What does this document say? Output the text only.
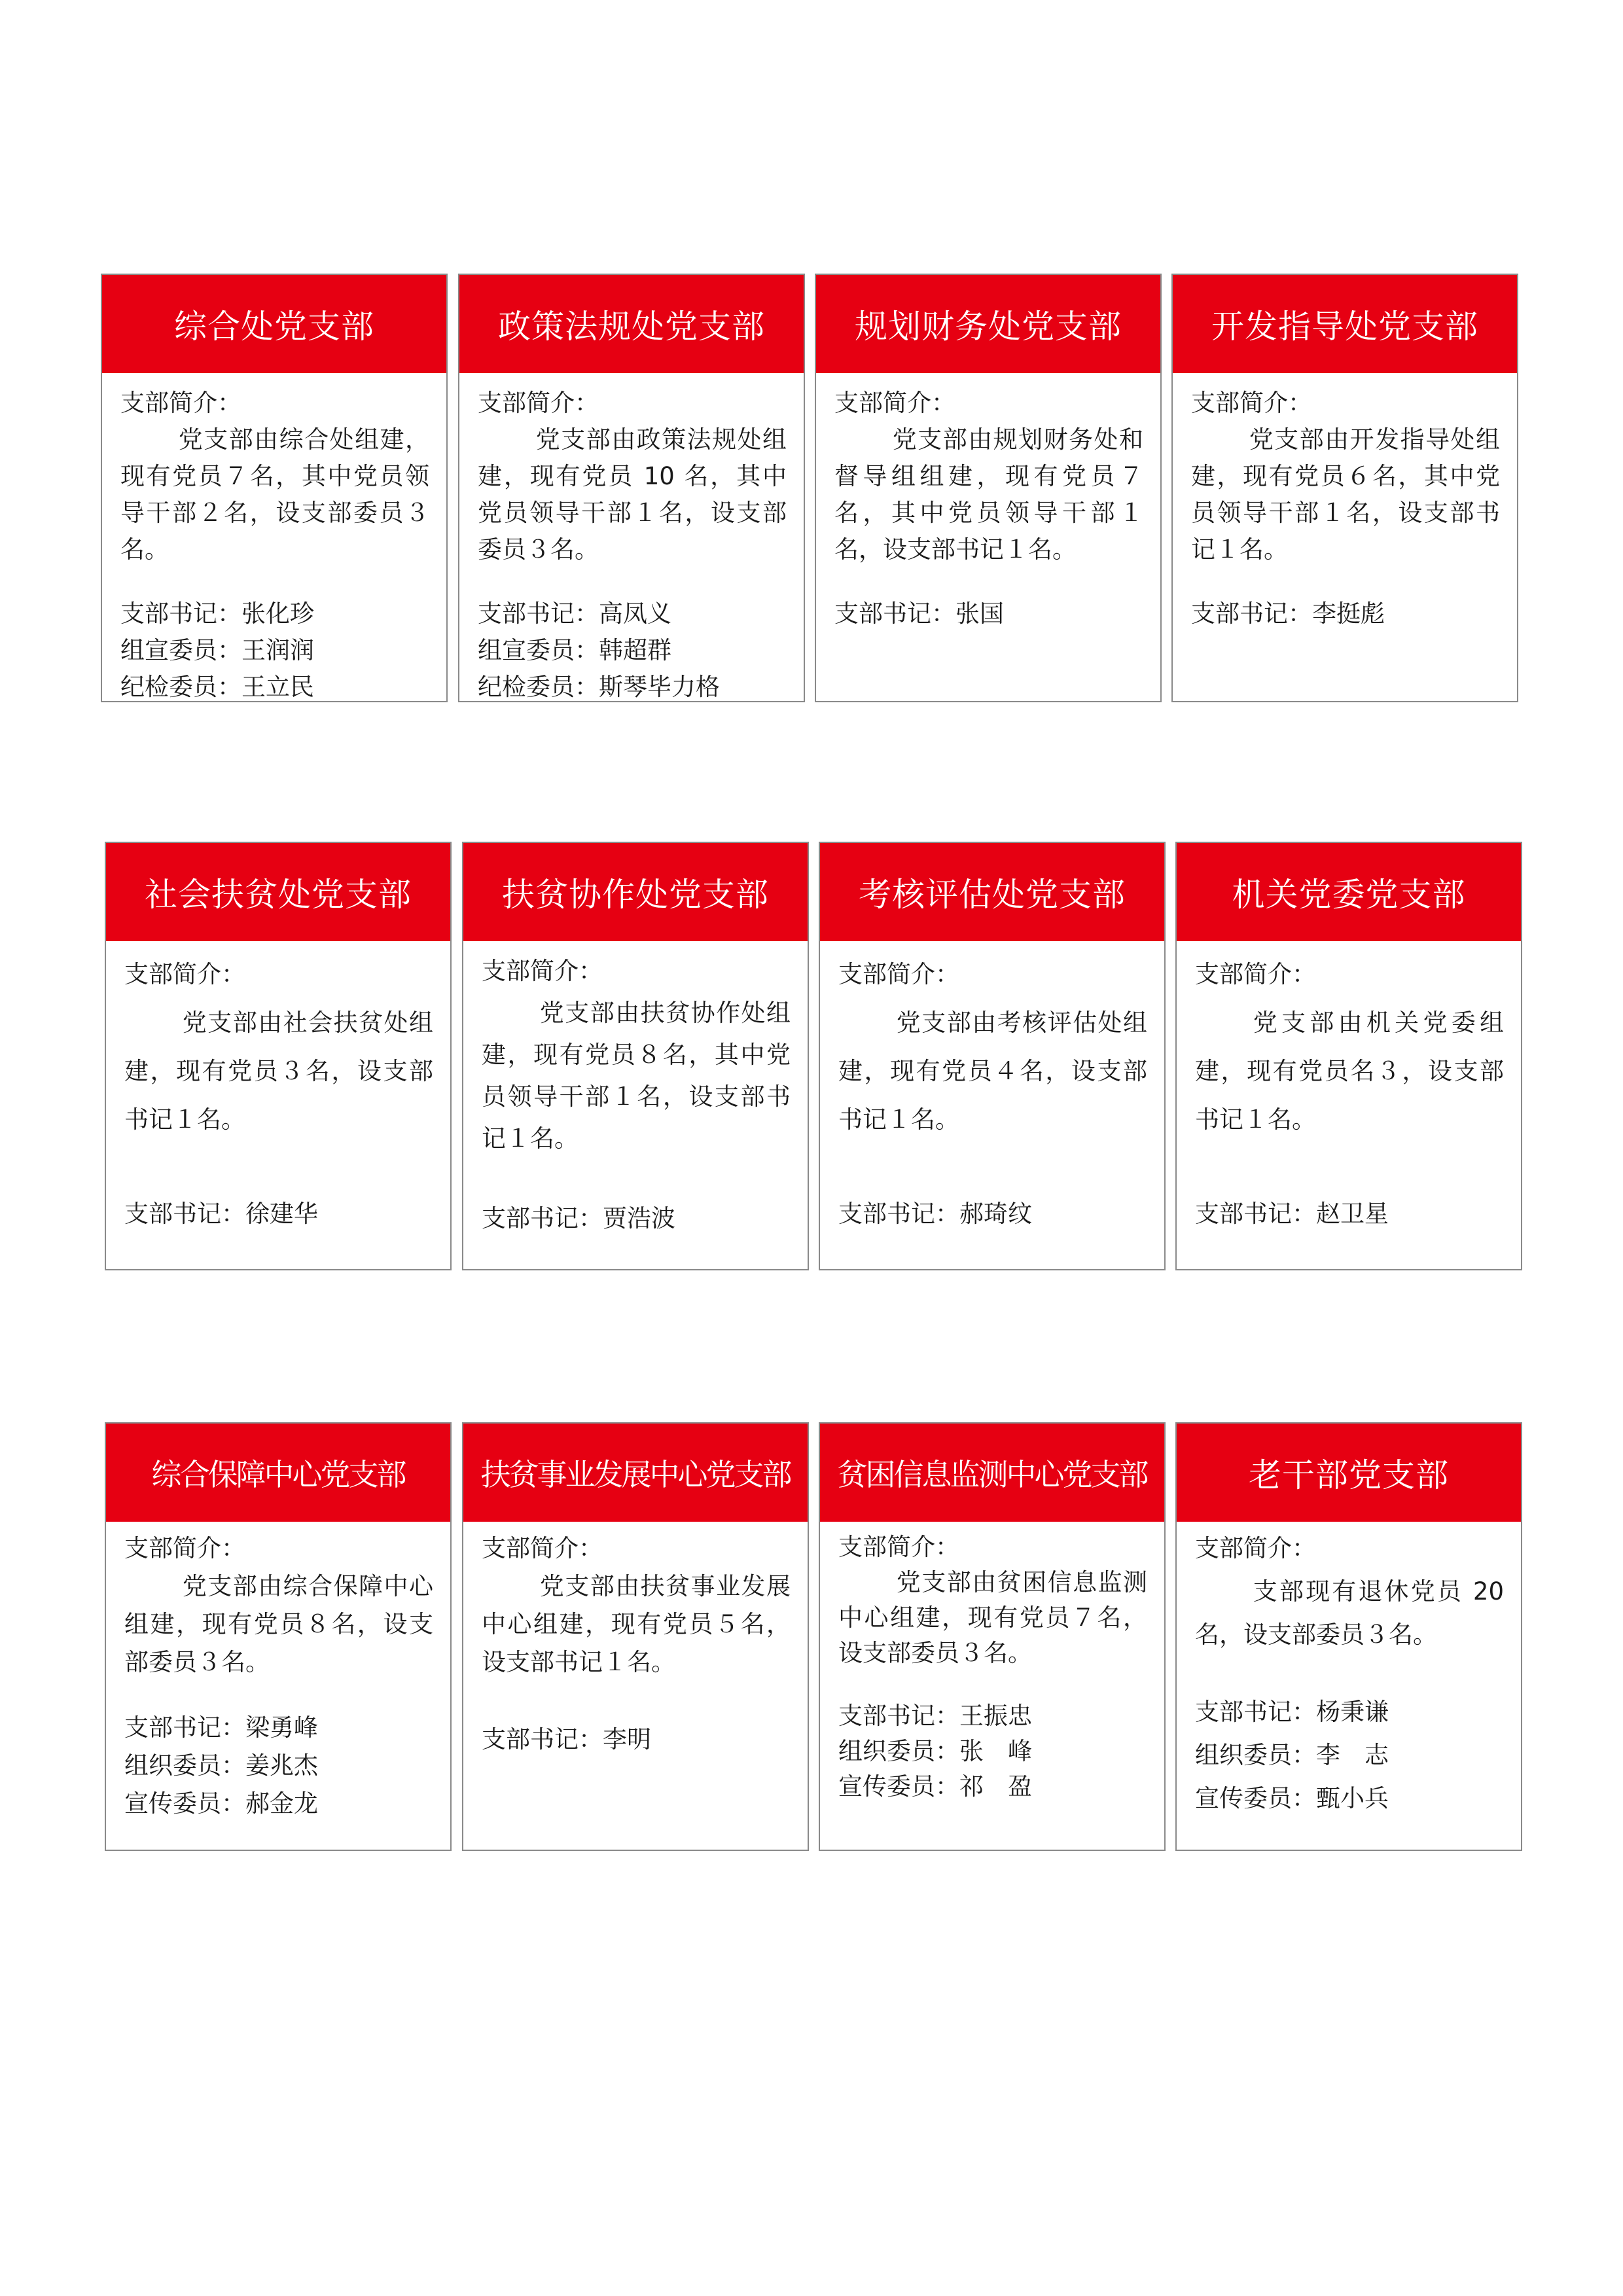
综合处党支部
支部简介：
党支部由综合处组建，现有党员７名，其中党员领导干部２名，设支部委员３名。
支部书记：张化珍
组宣委员：王润润
纪检委员：王立民
政策法规处党支部
支部简介：
党支部由政策法规处组建，现有党员 10 名，其中党员领导干部１名，设支部委员３名。
支部书记：高凤义
组宣委员：韩超群
纪检委员：斯琴毕力格
规划财务处党支部
支部简介：
党支部由规划财务处和督导组组建，现有党员７名，其中党员领导干部１名，设支部书记１名。
支部书记：张国
开发指导处党支部
支部简介：
党支部由开发指导处组建，现有党员６名，其中党员领导干部１名，设支部书记１名。
支部书记：李挺彪
社会扶贫处党支部
支部简介：
党支部由社会扶贫处组建，现有党员３名，设支部书记１名。
支部书记：徐建华
扶贫协作处党支部
支部简介：
党支部由扶贫协作处组建，现有党员８名，其中党员领导干部１名，设支部书记１名。
支部书记：贾浩波
考核评估处党支部
支部简介：
党支部由考核评估处组建，现有党员４名，设支部书记１名。
支部书记：郝琦纹
机关党委党支部
支部简介：
党支部由机关党委组建，现有党员名３，设支部书记１名。
支部书记：赵卫星
综合保障中心党支部
支部简介：
党支部由综合保障中心组建，现有党员８名，设支部委员３名。
支部书记：梁勇峰
组织委员：姜兆杰
宣传委员：郝金龙
扶贫事业发展中心党支部
支部简介：
党支部由扶贫事业发展中心组建，现有党员５名，设支部书记１名。
支部书记：李明
贫困信息监测中心党支部
支部简介：
党支部由贫困信息监测中心组建，现有党员７名，设支部委员３名。
支部书记：王振忠
组织委员：张　峰
宣传委员：祁　盈
老干部党支部
支部简介：
支部现有退休党员 20 名，设支部委员３名。
支部书记：杨秉谦
组织委员：李　志
宣传委员：甄小兵
